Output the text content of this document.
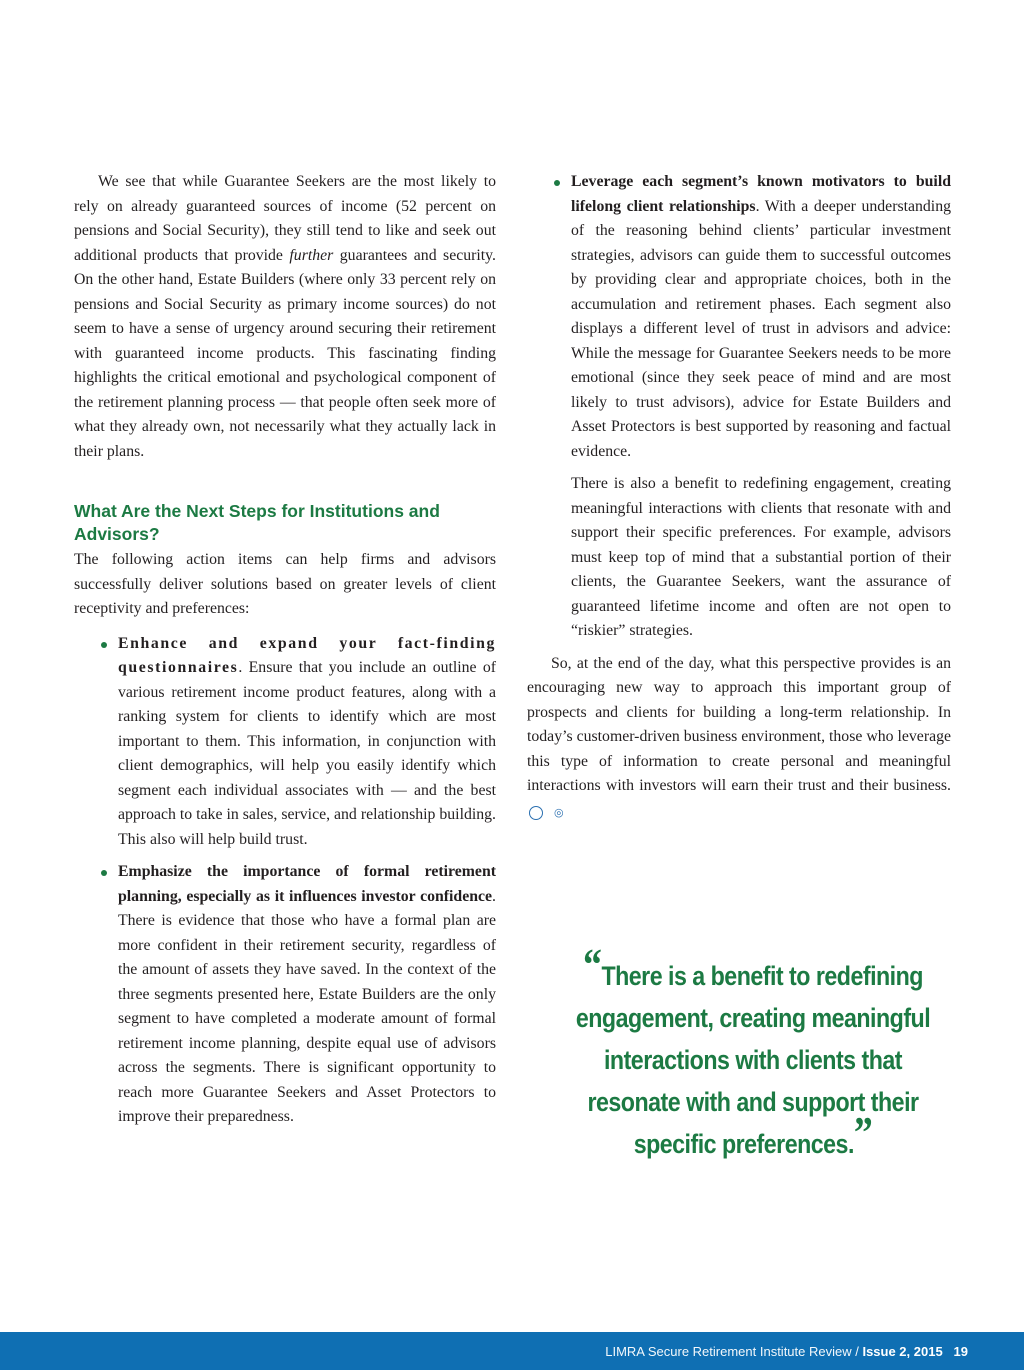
We see that while Guarantee Seekers are the most likely to rely on already guaranteed sources of income (52 percent on pensions and Social Security), they still tend to like and seek out additional products that provide further guarantees and security. On the other hand, Estate Builders (where only 33 percent rely on pensions and Social Security as primary income sources) do not seem to have a sense of urgency around securing their retirement with guaranteed income products. This fascinating finding highlights the critical emotional and psychological component of the retirement planning process — that people often seek more of what they already own, not necessarily what they actually lack in their plans.

What Are the Next Steps for Institutions and Advisors?

The following action items can help firms and advisors successfully deliver solutions based on greater levels of client receptivity and preferences:

Enhance and expand your fact-finding questionnaires. Ensure that you include an outline of various retirement income product features, along with a ranking system for clients to identify which are most important to them. This information, in conjunction with client demographics, will help you easily identify which segment each individual associates with — and the best approach to take in sales, service, and relationship building. This also will help build trust.

Emphasize the importance of formal retirement planning, especially as it influences investor confidence. There is evidence that those who have a formal plan are more confident in their retirement security, regardless of the amount of assets they have saved. In the context of the three segments presented here, Estate Builders are the only segment to have completed a moderate amount of formal retirement income planning, despite equal use of advisors across the segments. There is significant opportunity to reach more Guarantee Seekers and Asset Protectors to improve their preparedness.

Leverage each segment’s known motivators to build lifelong client relationships. With a deeper understanding of the reasoning behind clients’ particular investment strategies, advisors can guide them to successful outcomes by providing clear and appropriate choices, both in the accumulation and retirement phases. Each segment also displays a different level of trust in advisors and advice: While the message for Guarantee Seekers needs to be more emotional (since they seek peace of mind and are most likely to trust advisors), advice for Estate Builders and Asset Protectors is best supported by reasoning and factual evidence.

There is also a benefit to redefining engagement, creating meaningful interactions with clients that resonate with and support their specific preferences. For example, advisors must keep top of mind that a substantial portion of their clients, the Guarantee Seekers, want the assurance of guaranteed lifetime income and often are not open to “riskier” strategies.

So, at the end of the day, what this perspective provides is an encouraging new way to approach this important group of prospects and clients for building a long-term relationship. In today’s customer-driven business environment, those who leverage this type of information to create personal and meaningful interactions with investors will earn their trust and their business. ◎

“There is a benefit to redefining engagement, creating meaningful interactions with clients that resonate with and support their specific preferences.”
LIMRA Secure Retirement Institute Review / Issue 2, 2015 19
